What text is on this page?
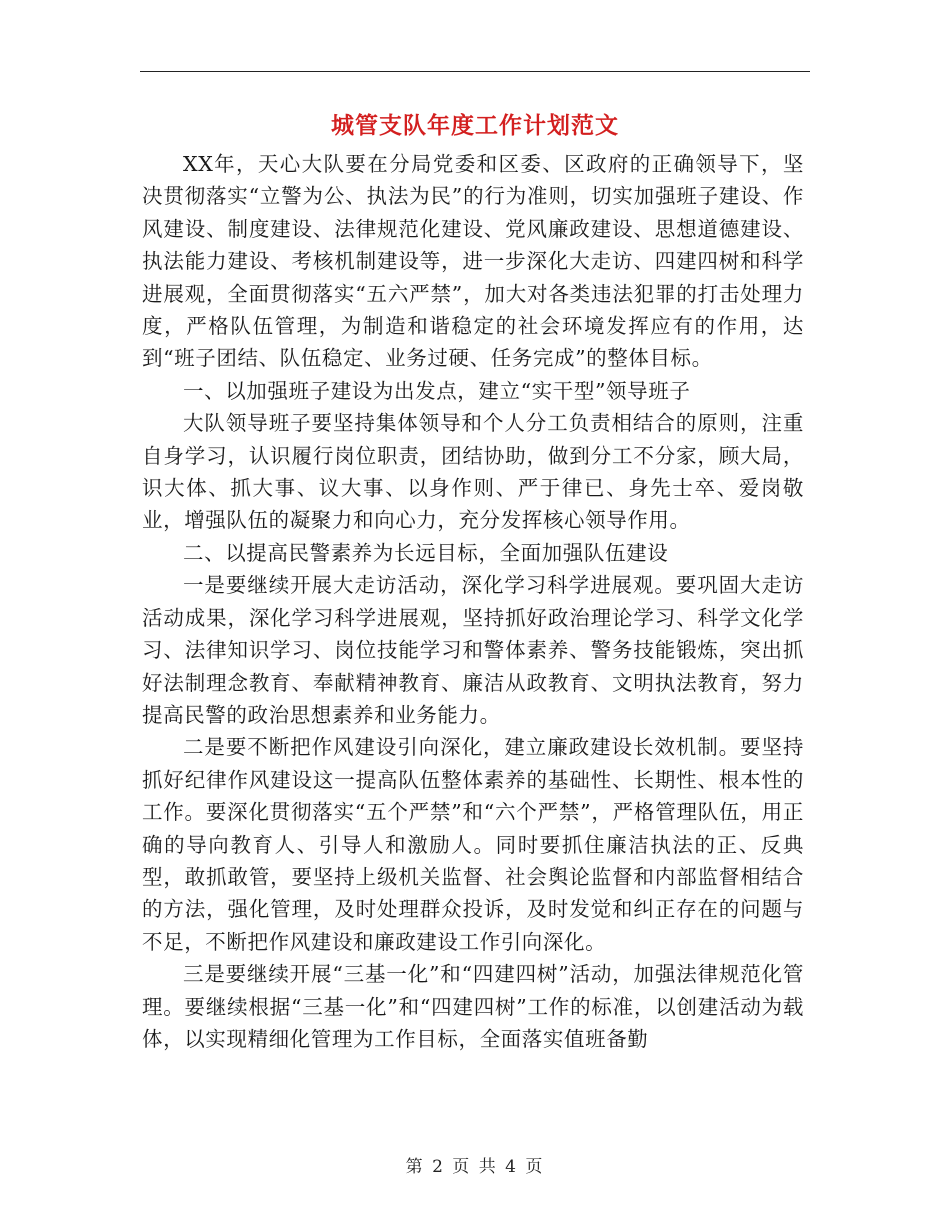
城管支队年度工作计划范文

XX年，天心大队要在分局党委和区委、区政府的正确领导下，坚决贯彻落实“立警为公、执法为民”的行为准则，切实加强班子建设、作风建设、制度建设、法律规范化建设、党风廉政建设、思想道德建设、执法能力建设、考核机制建设等，进一步深化大走访、四建四树和科学进展观，全面贯彻落实“五六严禁”，加大对各类违法犯罪的打击处理力度，严格队伍管理，为制造和谐稳定的社会环境发挥应有的作用，达到“班子团结、队伍稳定、业务过硬、任务完成”的整体目标。

一、以加强班子建设为出发点，建立“实干型”领导班子

大队领导班子要坚持集体领导和个人分工负责相结合的原则，注重自身学习，认识履行岗位职责，团结协助，做到分工不分家，顾大局，识大体、抓大事、议大事、以身作则、严于律已、身先士卒、爱岗敬业，增强队伍的凝聚力和向心力，充分发挥核心领导作用。

二、以提高民警素养为长远目标，全面加强队伍建设

一是要继续开展大走访活动，深化学习科学进展观。要巩固大走访活动成果，深化学习科学进展观，坚持抓好政治理论学习、科学文化学习、法律知识学习、岗位技能学习和警体素养、警务技能锻炼，突出抓好法制理念教育、奉献精神教育、廉洁从政教育、文明执法教育，努力提高民警的政治思想素养和业务能力。

二是要不断把作风建设引向深化，建立廉政建设长效机制。要坚持抓好纪律作风建设这一提高队伍整体素养的基础性、长期性、根本性的工作。要深化贯彻落实“五个严禁”和“六个严禁”，严格管理队伍，用正确的导向教育人、引导人和激励人。同时要抓住廉洁执法的正、反典型，敢抓敢管，要坚持上级机关监督、社会舆论监督和内部监督相结合的方法，强化管理，及时处理群众投诉，及时发觉和纠正存在的问题与不足，不断把作风建设和廉政建设工作引向深化。

三是要继续开展“三基一化”和“四建四树”活动，加强法律规范化管理。要继续根据“三基一化”和“四建四树”工作的标准，以创建活动为载体，以实现精细化管理为工作目标，全面落实值班备勤

第 2 页 共 4 页
